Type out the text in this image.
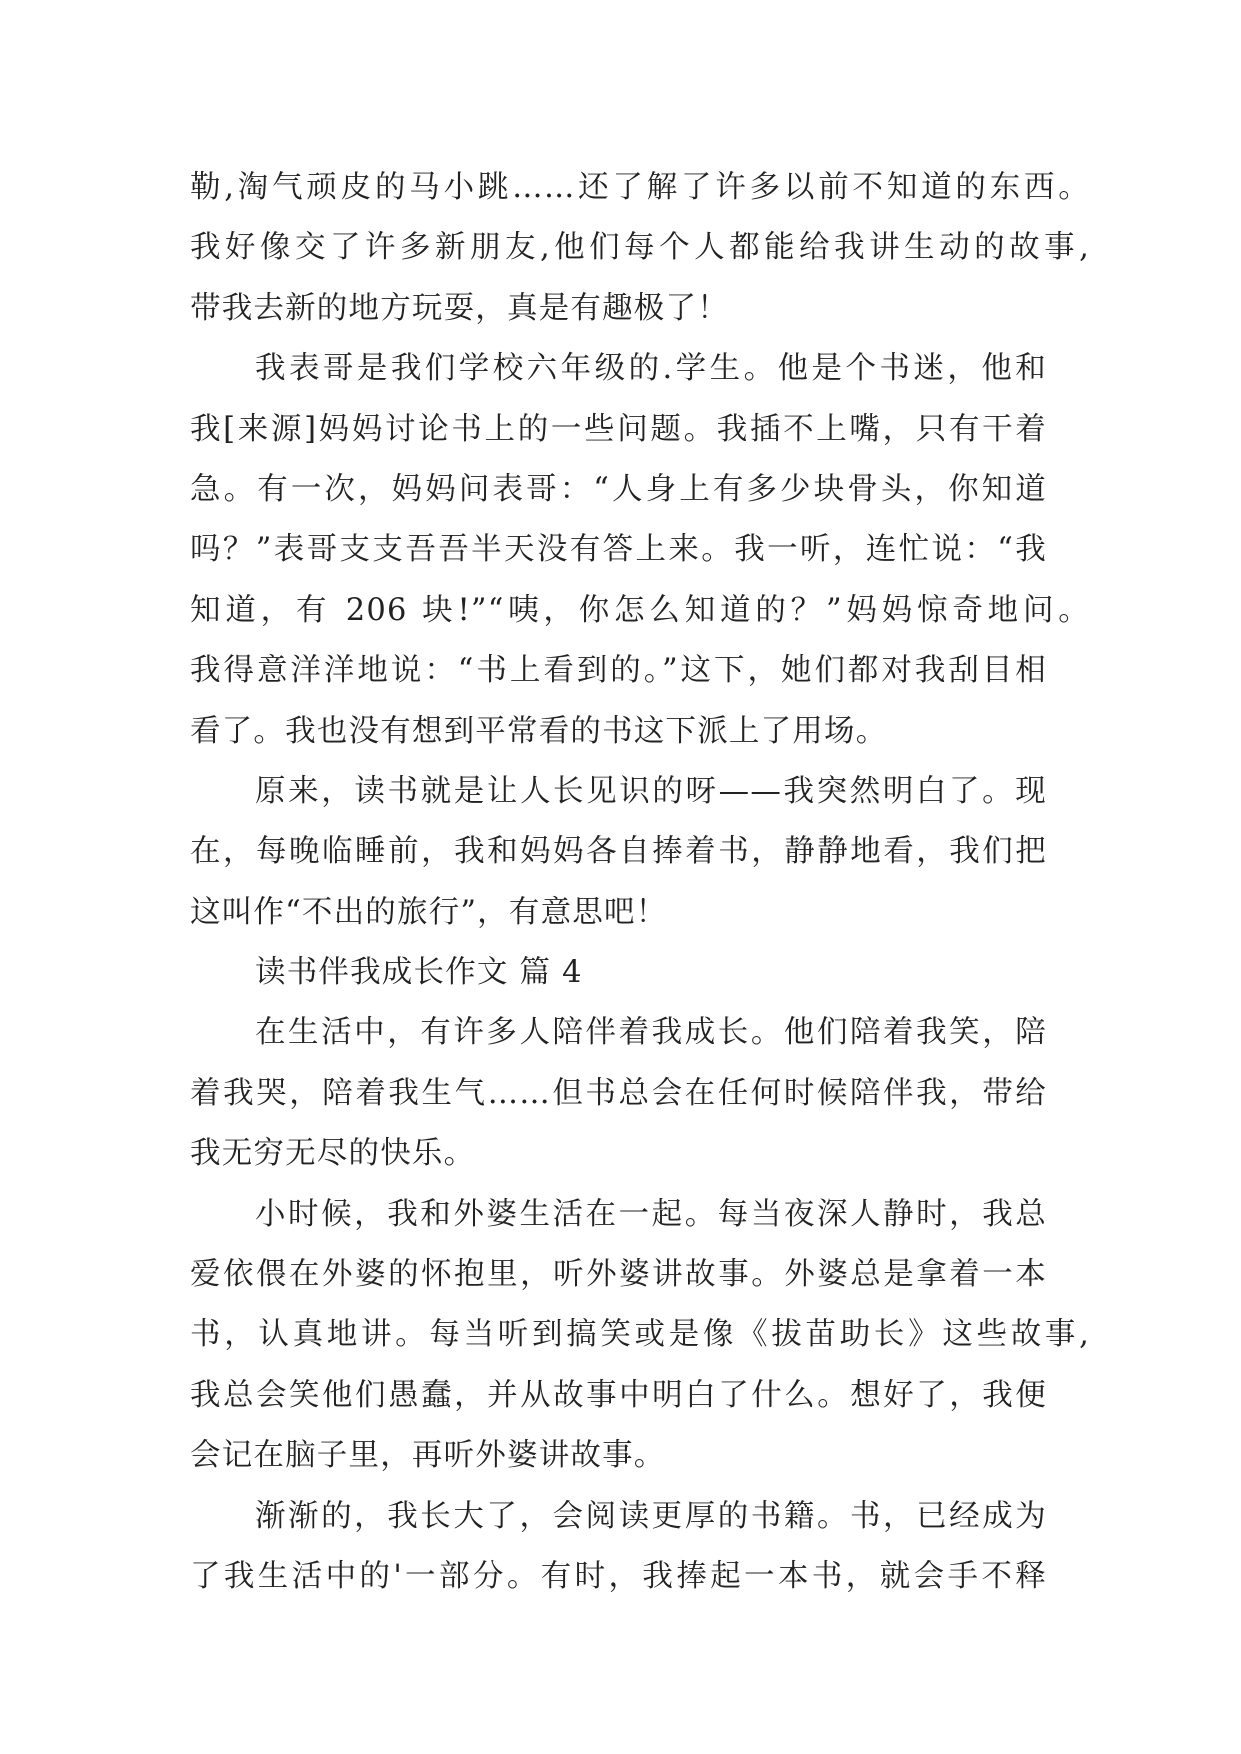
勒,淘气顽皮的马小跳……还了解了许多以前不知道的东西。
我好像交了许多新朋友,他们每个人都能给我讲生动的故事,
带我去新的地方玩耍，真是有趣极了！
我表哥是我们学校六年级的.学生。他是个书迷，他和
我[来源]妈妈讨论书上的一些问题。我插不上嘴，只有干着
急。有一次，妈妈问表哥：“人身上有多少块骨头，你知道
吗？”表哥支支吾吾半天没有答上来。我一听，连忙说：“我
知道，有 206 块!”“咦，你怎么知道的？”妈妈惊奇地问。
我得意洋洋地说：“书上看到的。”这下，她们都对我刮目相
看了。我也没有想到平常看的书这下派上了用场。
原来，读书就是让人长见识的呀——我突然明白了。现
在，每晚临睡前，我和妈妈各自捧着书，静静地看，我们把
这叫作“不出的旅行”，有意思吧！
读书伴我成长作文 篇 4
在生活中，有许多人陪伴着我成长。他们陪着我笑，陪
着我哭，陪着我生气……但书总会在任何时候陪伴我，带给
我无穷无尽的快乐。
小时候，我和外婆生活在一起。每当夜深人静时，我总
爱依偎在外婆的怀抱里，听外婆讲故事。外婆总是拿着一本
书，认真地讲。每当听到搞笑或是像《拔苗助长》这些故事,
我总会笑他们愚蠢，并从故事中明白了什么。想好了，我便
会记在脑子里，再听外婆讲故事。
渐渐的，我长大了，会阅读更厚的书籍。书，已经成为
了我生活中的'一部分。有时，我捧起一本书，就会手不释
